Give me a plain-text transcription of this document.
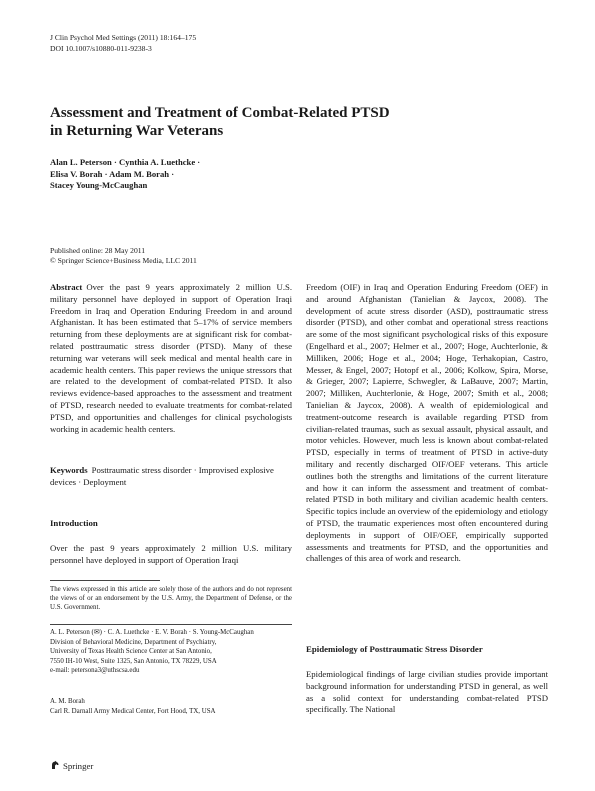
J Clin Psychol Med Settings (2011) 18:164–175
DOI 10.1007/s10880-011-9238-3
Assessment and Treatment of Combat-Related PTSD
in Returning War Veterans
Alan L. Peterson · Cynthia A. Luethcke ·
Elisa V. Borah · Adam M. Borah ·
Stacey Young-McCaughan
Published online: 28 May 2011
© Springer Science+Business Media, LLC 2011

Abstract Over the past 9 years approximately 2 million U.S. military personnel have deployed in support of Operation Iraqi Freedom in Iraq and Operation Enduring Freedom in and around Afghanistan. It has been estimated that 5–17% of service members returning from these deployments are at significant risk for combat-related posttraumatic stress disorder (PTSD). Many of these returning war veterans will seek medical and mental health care in academic health centers. This paper reviews the unique stressors that are related to the development of combat-related PTSD. It also reviews evidence-based approaches to the assessment and treatment of PTSD, research needed to evaluate treatments for combat-related PTSD, and opportunities and challenges for clinical psychologists working in academic health centers.

Keywords Posttraumatic stress disorder · Improvised explosive devices · Deployment

Introduction

Over the past 9 years approximately 2 million U.S. military personnel have deployed in support of Operation Iraqi

The views expressed in this article are solely those of the authors and do not represent the views of or an endorsement by the U.S. Army, the Department of Defense, or the U.S. Government.
A. L. Peterson (✉) · C. A. Luethcke · E. V. Borah · S. Young-McCaughan
Division of Behavioral Medicine, Department of Psychiatry,
University of Texas Health Science Center at San Antonio,
7550 IH-10 West, Suite 1325, San Antonio, TX 78229, USA
e-mail: petersona3@uthscsa.edu
A. M. Borah
Carl R. Darnall Army Medical Center, Fort Hood, TX, USA

Freedom (OIF) in Iraq and Operation Enduring Freedom (OEF) in and around Afghanistan (Tanielian & Jaycox, 2008). The development of acute stress disorder (ASD), posttraumatic stress disorder (PTSD), and other combat and operational stress reactions are some of the most significant psychological risks of this exposure (Engelhard et al., 2007; Helmer et al., 2007; Hoge, Auchterlonie, & Milliken, 2006; Hoge et al., 2004; Hoge, Terhakopian, Castro, Messer, & Engel, 2007; Hotopf et al., 2006; Kolkow, Spira, Morse, & Grieger, 2007; Lapierre, Schwegler, & LaBauve, 2007; Martin, 2007; Milliken, Auchterlonie, & Hoge, 2007; Smith et al., 2008; Tanielian & Jaycox, 2008). A wealth of epidemiological and treatment-outcome research is available regarding PTSD from civilian-related traumas, such as sexual assault, physical assault, and motor vehicles. However, much less is known about combat-related PTSD, especially in terms of treatment of PTSD in active-duty military and recently discharged OIF/OEF veterans. This article outlines both the strengths and limitations of the current literature and how it can inform the assessment and treatment of combat-related PTSD in both military and civilian academic health centers. Specific topics include an overview of the epidemiology and etiology of PTSD, the traumatic experiences most often encountered during deployments in support of OIF/OEF, empirically supported assessments and treatments for PTSD, and the opportunities and challenges of this area of work and research.

Epidemiology of Posttraumatic Stress Disorder

Epidemiological findings of large civilian studies provide important background information for understanding PTSD in general, as well as a solid context for understanding combat-related PTSD specifically. The National

Springer
